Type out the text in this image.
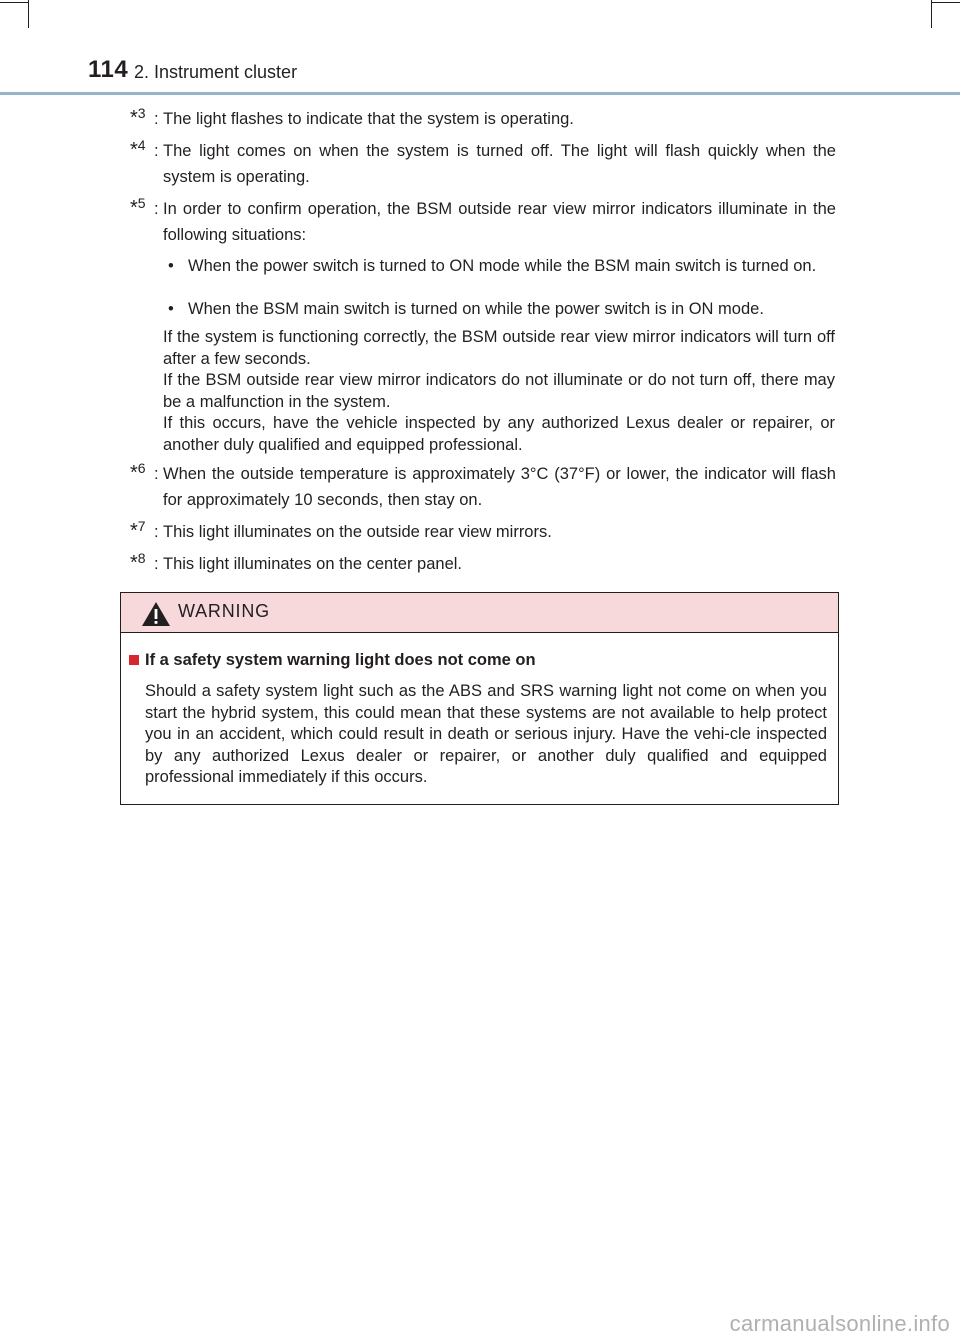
114 2. Instrument cluster
*$^3$ : The light flashes to indicate that the system is operating.
*$^4$ : The light comes on when the system is turned off. The light will flash quickly when the system is operating.
*$^5$ : In order to confirm operation, the BSM outside rear view mirror indicators illuminate in the following situations:
• When the power switch is turned to ON mode while the BSM main switch is turned on.
• When the BSM main switch is turned on while the power switch is in ON mode.
If the system is functioning correctly, the BSM outside rear view mirror indicators will turn off after a few seconds.
If the BSM outside rear view mirror indicators do not illuminate or do not turn off, there may be a malfunction in the system.
If this occurs, have the vehicle inspected by any authorized Lexus dealer or repairer, or another duly qualified and equipped professional.
*$^6$ : When the outside temperature is approximately 3°C (37°F) or lower, the indicator will flash for approximately 10 seconds, then stay on.
*$^7$ : This light illuminates on the outside rear view mirrors.
*$^8$ : This light illuminates on the center panel.
WARNING
If a safety system warning light does not come on
Should a safety system light such as the ABS and SRS warning light not come on when you start the hybrid system, this could mean that these systems are not available to help protect you in an accident, which could result in death or serious injury. Have the vehi-cle inspected by any authorized Lexus dealer or repairer, or another duly qualified and equipped professional immediately if this occurs.
carmanualsonline.info
